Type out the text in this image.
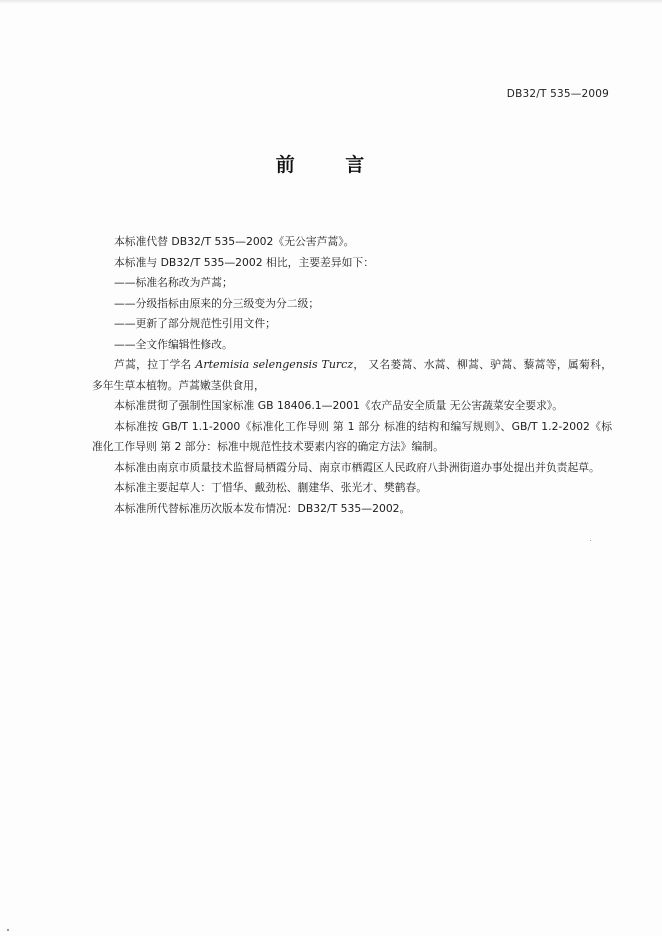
DB32/T 535—2009
前 言

本标准代替 DB32/T 535—2002《无公害芦蒿》。

本标准与 DB32/T 535—2002 相比，主要差异如下：

——标准名称改为芦蒿；

——分级指标由原来的分三级变为分二级；

——更新了部分规范性引用文件；

——全文作编辑性修改。

芦蒿，拉丁学名 Artemisia selengensis Turcz， 又名蒌蒿、水蒿、柳蒿、驴蒿、藜蒿等，属菊科，多年生草本植物。芦蒿嫩茎供食用，

本标准贯彻了强制性国家标准 GB 18406.1—2001《农产品安全质量 无公害蔬菜安全要求》。

本标准按 GB/T 1.1-2000《标准化工作导则 第 1 部分 标准的结构和编写规则》、GB/T 1.2-2002《标准化工作导则 第 2 部分：标准中规范性技术要素内容的确定方法》编制。

本标准由南京市质量技术监督局栖霞分局、南京市栖霞区人民政府八卦洲街道办事处提出并负责起草。

本标准主要起草人：丁惜华、戴劲松、蒯建华、张光才、樊鹤春。

本标准所代替标准历次版本发布情况：DB32/T 535—2002。
